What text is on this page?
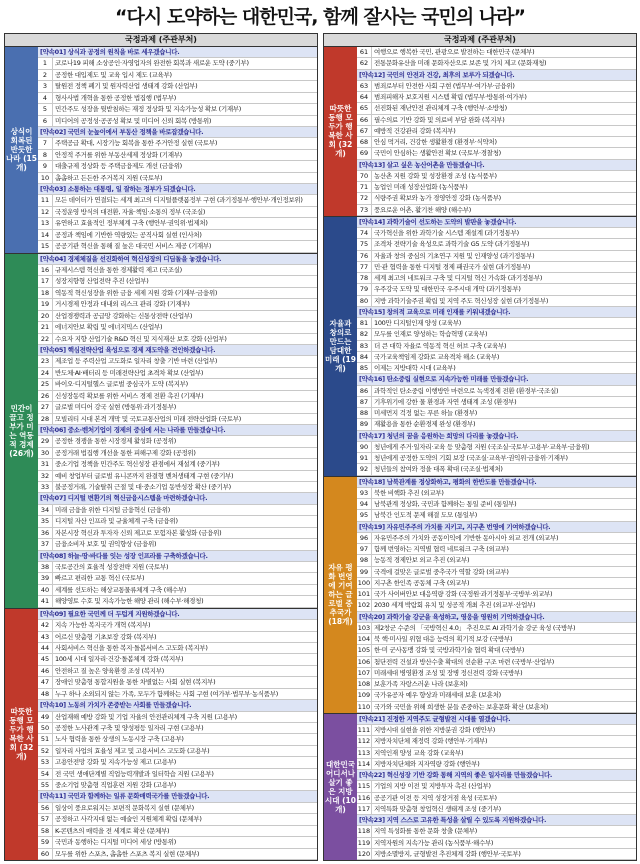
“다시 도약하는 대한민국, 함께 잘사는 국민의 나라”
국정과제 (주관부처)
상식이 회복된 반듯한 나라 (15개)
[약속01] 상식과 공정의 원칙을 바로 세우겠습니다.
1	코로나19 피해 소상공인·자영업자의 완전한 회복과 새로운 도약 (중기부)
2	공정한 대입제도 및 교육 입시 제도 (교육부)
3	탈원전 정책 폐기 및 원자력산업 생태계 강화 (산업부)
4	형사사법 개혁을 통한 공정한 법집행 (법무부)
5	민간주도 성장을 뒷받침하는 재정 정상화 및 지속가능성 확보 (기재부)
6	미디어의 공정성·공공성 확보 및 미디어 신뢰 회복 (방통위)
[약속02] 국민의 눈높이에서 부동산 정책을 바로잡겠습니다.
7	주택공급 확대, 시장기능 회복을 통한 주거안정 실현 (국토부)
8	안정적 주거를 위한 부동산세제 정상화 (기재부)
9	대출규제 정상화 등 주택금융제도 개선 (금융위)
10 촘촘하고 든든한 주거복지 지원 (국토부)
[약속03] 소통하는 대통령, 일 잘하는 정부가 되겠습니다.
11 모든 데이터가 연결되는 세계 최고의 디지털플랫폼정부 구현 (과기정통부·행안부·개인정보위)
12 국정운영 방식의 대전환, 자율·책임·소통의 정부 (국조실)
13 유연하고 효율적인 정부체계 구축 (행안부·권익위·법제처)
14 공정과 책임에 기반한 역량있는 공직사회 실현 (인사처)
15 공공기관 혁신을 통해 질 높은 대국민 서비스 제공 (기재부)
민간이 끌고 정부가 미는 역동적 경제 (26개)
[약속04] 경제체질을 선진화하여 혁신성장의 디딤돌을 놓겠습니다.
16 규제시스템 혁신을 통한 경제활력 제고 (국조실)
17 성장지향형 산업전략 추진 (산업부)
18 역동적 혁신성장을 위한 금융 세제 지원 강화 (기재부·금융위)
19 거시경제 안정과 대내외 리스크 관리 강화 (기재부)
20 산업경쟁력과 공급망 강화하는 신통상전략 (산업부)
21 에너지안보 확립 및 에너지믹스 (산업부)
22 수요자 지향 산업기술 R&D 혁신 및 지식재산 보호 강화 (산업부)
[약속05] 핵심전략산업 육성으로 경제 재도약을 견인하겠습니다.
23 제조업 등 주력산업 고도화로 일자리 창출 기반 마련 (산업부)
24 반도체·AI·배터리 등 미래전략산업 초격차 확보 (산업부)
25 바이오·디지털헬스 글로벌 중심국가 도약 (복지부)
26 신성장동력 확보를 위한 서비스 경제 전환 촉진 (기재부)
27 글로벌 미디어 강국 실현 (방통위·과기정통부)
28 모빌리티 시대 본격 개막 및 국토교통산업의 미래 전략산업화 (국토부)
[약속06] 중소·벤처기업이 경제의 중심에 서는 나라를 만들겠습니다.
29 공정한 경쟁을 통한 시장경제 활성화 (공정위)
30 공정거래 법집행 개선을 통한 피해구제 강화 (공정위)
31 중소기업 정책을 민간주도 혁신성장 관점에서 재설계 (중기부)
32 예비 창업부터 글로벌 유니콘까지 완결형 벤처생태계 구현 (중기부)
33 불공정거래, 기술탈취 근절 및 대·중소기업 동반성장 확산 (중기부)
[약속07] 디지털 변환기의 혁신금융시스템을 마련하겠습니다.
34 미래 금융을 위한 디지털 금융혁신 (금융위)
35 디지털 자산 인프라 및 규율체계 구축 (금융위)
36 자본시장 혁신과 투자자 신뢰 제고로 모험자본 활성화 (금융위)
37 금융소비자 보호 및 권익향상 (금융위)
[약속08] 하늘·땅·바다를 잇는 성장 인프라를 구축하겠습니다.
38 국토공간의 효율적 성장전략 지원 (국토부)
39 빠르고 편리한 교통 혁신 (국토부)
40 세계를 선도하는 해상교통물류체계 구축 (해수부)
41 해양영토 수호 및 지속가능한 해양 관리 (해수부·해경청)
따뜻한 동행 모두가 행복한 사회 (32개)
[약속09] 필요한 국민께 더 두텁게 지원하겠습니다.
42 지속 가능한 복지국가 개혁 (복지부)
43 어르신 맞춤형 기초보장 강화 (복지부)
44 사회서비스 혁신을 통한 복지·돌봄서비스 고도화 (복지부)
45 100세 시대 일자리·건강·돌봄체계 강화 (복지부)
46 안전하고 질 높은 양육환경 조성 (복지부)
47 장애인 맞춤형 통합지원을 통한 차별없는 사회 실현 (복지부)
48 누구 하나 소외되지 않는 가족, 모두가 함께하는 사회 구현 (여가부·법무부·농식품부)
[약속10] 노동의 가치가 존중받는 사회를 만들겠습니다.
49 산업재해 예방 강화 및 기업 자율의 안전관리체계 구축 지원 (고용부)
50 공정한 노사관계 구축 및 양성평등 일자리 구현 (고용부)
51 노사 협력을 통한 상생의 노동시장 구축 (고용부)
52 일자리 사업의 효율성 제고 및 고용서비스 고도화 (고용부)
53 고용안전망 강화 및 지속가능성 제고 (고용부)
54 전 국민 생애단계별 직업능력개발과 일터학습 지원 (고용부)
55 중소기업 맞춤형 직업훈련 지원 강화 (고용부)
[약속11] 국민과 함께하는 일류 문화매력국가를 만들겠습니다.
56 일상이 풍요로워지는 보편적 문화복지 실현 (문체부)
57 공정하고 사각지대 없는 예술인 지원체계 확립 (문체부)
58 K-콘텐츠의 매력을 전 세계로 확산 (문체부)
59 국민과 동행하는 디지털 미디어 세상 (방통위)
60 모두를 위한 스포츠, 촘촘한 스포츠 복지 실현 (문체부)
국정과제 (주관부처)
따뜻한 동행 모두가 행복한 사회 (32개)
61 여행으로 행복한 국민, 관광으로 발전하는 대한민국 (문체부)
62 전통문화유산을 미래 문화자산으로 보존 및 가치 제고 (문화재청)
[약속12] 국민의 안전과 건강, 최후의 보루가 되겠습니다.
63 범죄로부터 안전한 사회 구현 (법무부·여가부·금융위)
64 범죄피해자 보호지원 시스템 확립 (법무부·방통위·여가부)
65 선진화된 재난안전 관리체계 구축 (행안부·소방청)
66 필수의료 기반 강화 및 의료비 부담 완화 (복지부)
67 예방적 건강관리 강화 (복지부)
68 안심 먹거리, 건강한 생활환경 (환경부·식약처)
69 국민이 안심하는 생활안전 확보 (국토부·경찰청)
[약속13] 살고 싶은 농산어촌을 만들겠습니다.
70 농산촌 지원 강화 및 성장환경 조성 (농식품부)
71 농업인 미래 성장산업화 (농식품부)
72 식량주권 확보와 농가 경영안정 강화 (농식품부)
73 풍요로운 어촌, 활기찬 해양 (해수부)
자율과 창의로 만드는 담대한 미래 (19개)
[약속14] 과학기술이 선도하는 도약의 발판을 놓겠습니다.
74 국가혁신을 위한 과학기술 시스템 재설계 (과기정통부)
75 조격차 전략기술 육성으로 과학기술 G5 도약 (과기정통부)
76 자율과 창의 중심의 기초연구 지원 및 인재양성 (과기정통부)
77 민·관 협력을 통한 디지털 경제 패권국가 실현 (과기정통부)
78 세계 최고의 네트워크 구축 및 디지털 혁신 가속화 (과기정통부)
79 우주강국 도약 및 대한민국 우주시대 개막 (과기정통부)
80 지방 과학기술주권 확립 및 지역 주도 혁신성장 실현 (과기정통부)
[약속15] 창의적 교육으로 미래 인재를 키워내겠습니다.
81 100만 디지털인재 양성 (교육부)
82 모두를 인재로 양성하는 학습혁명 (교육부)
83 더 큰 대학 자율로 역동적 혁신 허브 구축 (교육부)
84 국가교육책임제 강화로 교육격차 해소 (교육부)
85 이제는 지방대학 시대 (교육부)
[약속16] 탄소중립 실현으로 지속가능한 미래를 만들겠습니다.
86 과학적인 탄소중립 이행방안 마련으로 녹색경제 전환 (환경부·국조실)
87 기후위기에 강한 물 환경과 자연 생태계 조성 (환경부)
88 미세먼지 걱정 없는 푸른 하늘 (환경부)
89 재활용을 통한 순환경제 완성 (환경부)
[약속17] 청년의 꿈을 응원하는 희망의 다리를 놓겠습니다.
90 청년에게 주거·일자리·교육 등 맞춤형 지원 (국조실·국토부·고용부·교육부·금융위)
91 청년에게 공정한 도약의 기회 보장 (국조실·교육부·권익위·금융위·기재부)
92 청년들의 참여와 정을 대폭 확대 (국조실·법제처)
자유 평화 번영에 기여하는 글로벌 중추국가 (18개)
[약속18] 남북관계를 정상화하고, 평화의 한반도를 만들겠습니다.
93 북한 비핵화 추진 (외교부)
94 남북관계 정상화, 국민과 함께하는 통일 준비 (통일부)
95 남북간 인도적 문제 해결 도모 (통일부)
[약속19] 자유민주주의 가치를 지키고, 지구촌 번영에 기여하겠습니다.
96 자유민주주의 가치와 공동이익에 기반한 동아시아 외교 전개 (외교부)
97 함께 번영하는 지역별 협력 네트워크 구축 (외교부)
98 능동적 경제안보 외교 추진 (외교부)
99 국격에 걸맞은 글로벌 중추국가 역할 강화 (외교부)
100 지구촌 한인족 공동체 구축 (외교부)
101 국가 사이버안보 대응역량 강화 (국정원·과기정통부·국방부·외교부)
102 2030 세계 박람회 유치 및 성공적 개최 추진 (외교부·산업부)
[약속20] 과학기술 강군을 육성하고, 영웅을 영원히 기억하겠습니다.
103 제2창군 수준의 「국방혁신 4.0」 추진으로 AI 과학기술 강군 육성 (국방부)
104 북 핵·미사일 위협 대응 능력의 획기적 보강 (국방부)
105 한·미 군사동맹 강화 및 국방과학기술 협력 확대 (국방부)
106 첨단전력 건설과 방산수출 확대의 선순환 구조 마련 (국방부·산업부)
107 미래세대 병영환경 조성 및 장병 정신전력 강화 (국방부)
108 보훈가족 자랑스러운 나라 (보훈처)
109 국가유공자 예우 향상과 미래세대 보훈 (보훈처)
110 국가와 국민을 위해 희생한 분들 존중하는 보훈문화 확산 (보훈처)
대한민국 어디서나 살기 좋은 지방시대 (10개)
[약속21] 진정한 지역주도 균형발전 시대를 열겠습니다.
111 지방시대 실현을 위한 지방분권 강화 (행안부)
112 지방자치단체 재정력 강화 (행안부·기재부)
113 지역인재 양성 교육 강화 (교육부)
114 지방자치단체와 지자역량 강화 (행안부)
[약속22] 혁신성장 기반 강화 통해 지역의 좋은 일자리를 만들겠습니다.
115 기업의 지방 이전 및 지방투자 촉진 (산업부)
116 공공기관 이전 등 지역 성장거점 육성 (국토부)
117 지역특화 맞춤형 창업혁신 생태계 조성 (중기부)
[약속23] 지역 스스로 고유한 특성을 살릴 수 있도록 지원하겠습니다.
118 지역 특성화를 통한 문화 창출 (문체부)
119 지역자원의 지속가능 관리 (농식품부·해수부)
120 지방소멸방지, 균형발전 추진체계 강화 (행안부·국토부)
